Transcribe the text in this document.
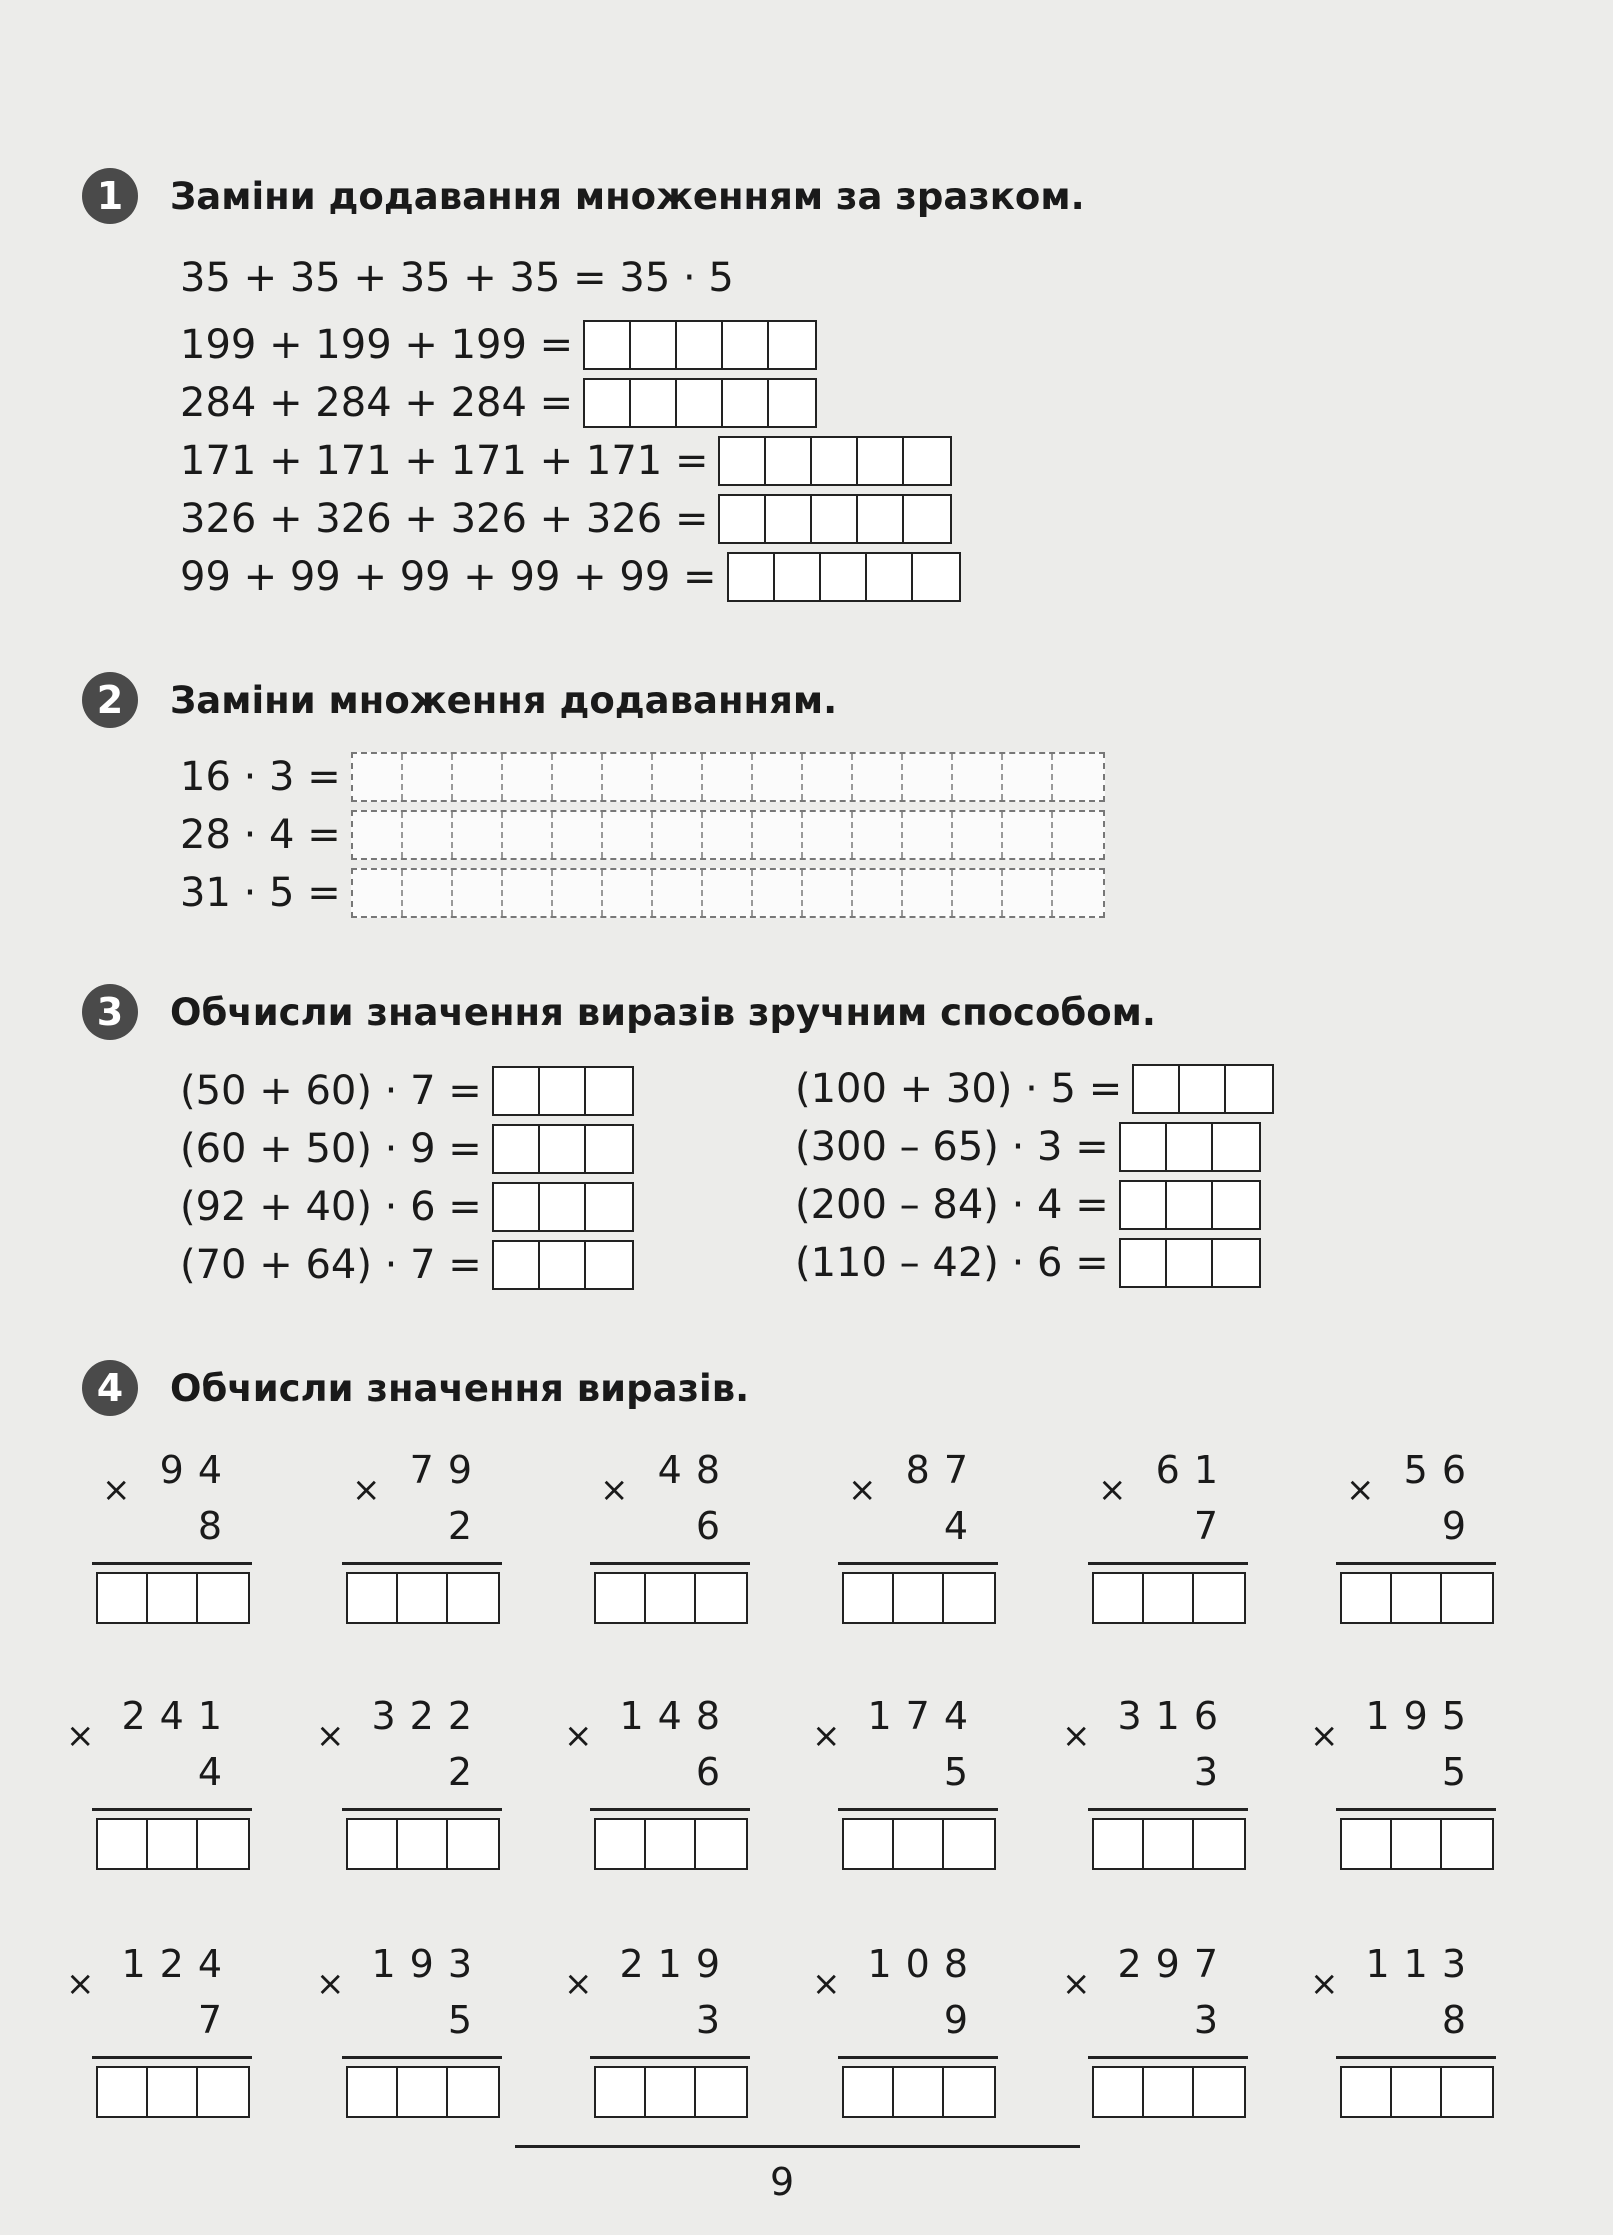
1	Заміни додавання множенням за зразком.
35 + 35 + 35 + 35 = 35 · 5
199 + 199 + 199 =
284 + 284 + 284 =
171 + 171 + 171 + 171 =
326 + 326 + 326 + 326 =
99 + 99 + 99 + 99 + 99 =
2	Заміни множення додаванням.
16 · 3 =
28 · 4 =
31 · 5 =
3	Обчисли значення виразів зручним способом.
(50 + 60) · 7 =
(60 + 50) · 9 =
(92 + 40) · 6 =
(70 + 64) · 7 =
(100 + 30) · 5 =
(300 – 65) · 3 =
(200 – 84) · 4 =
(110 – 42) · 6 =
4	Обчисли значення виразів.
× 94
8
× 79
2
× 48
6
× 87
4
× 61
7
× 56
9
× 241
4
× 322
2
× 148
6
× 174
5
× 316
3
× 195
5
× 124
7
× 193
5
× 219
3
× 108
9
× 297
3
× 113
8
9
